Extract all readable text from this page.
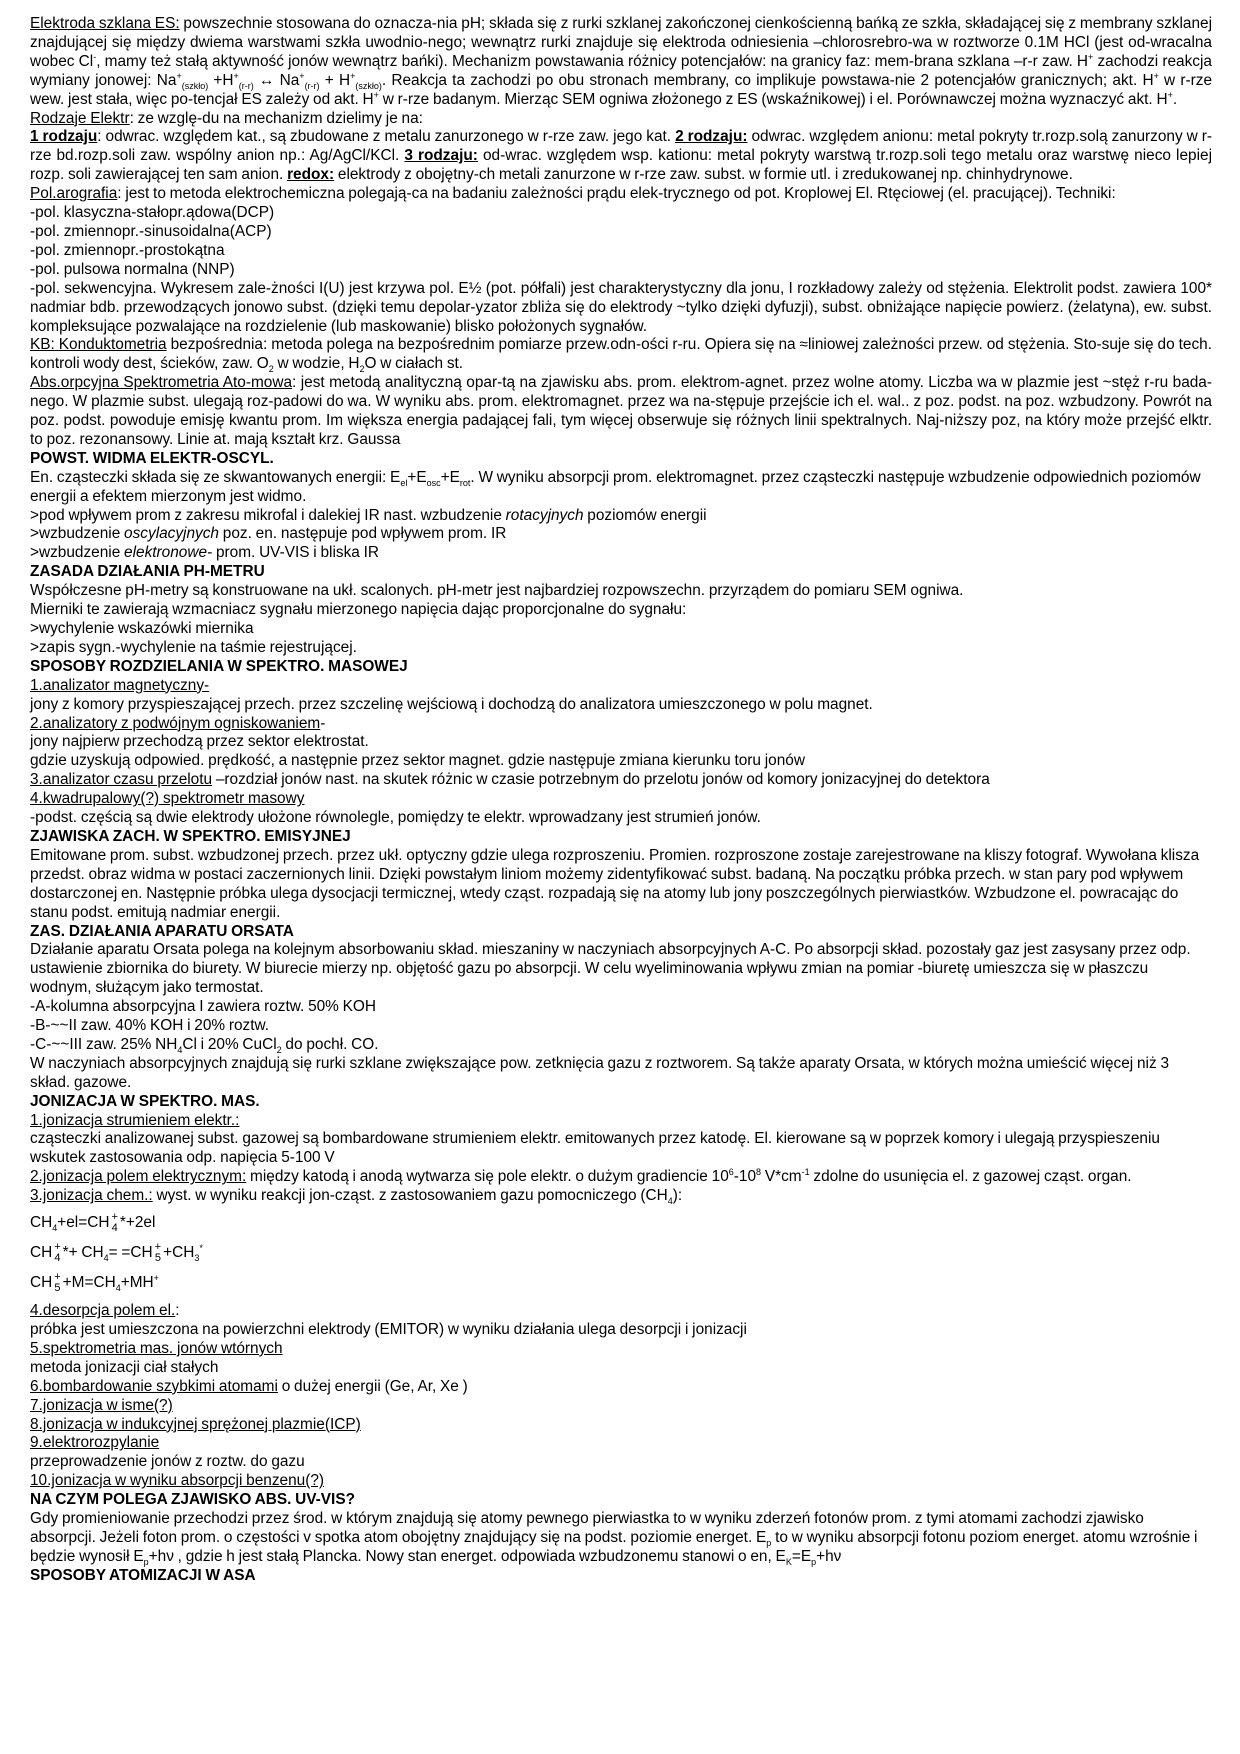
Elektroda szklana ES: powszechnie stosowana do oznacza-nia pH; składa się z rurki szklanej zakończonej cienkościenną bańką ze szkła, składającej się z membrany szklanej znajdującej się między dwiema warstwami szkła uwodnio-nego; wewnątrz rurki znajduje się elektroda odniesienia –chlorosrebro-wa w roztworze 0.1M HCl (jest od-wracalna wobec Cl-, mamy też stałą aktywność jonów wewnątrz bańki). Mechanizm powstawania różnicy potencjałów: na granicy faz: mem-brana szklana –r-r zaw. H+ zachodzi reakcja wymiany jonowej: $Na^+_{(szkło)} +H^+_{(r-r)}$ ↔ $Na^+_{(r-r)} + H^+_{(szkło)}$. Reakcja ta zachodzi po obu stronach membrany, co implikuje powstawa-nie 2 potencjałów granicznych; akt. H+ w r-rze wew. jest stała, więc po-tencjał ES zależy od akt. H+ w r-rze badanym. Mierząc SEM ogniwa złożonego z ES (wskaźnikowej) i el. Porównawczej można wyznaczyć akt. H+.

Rodzaje Elektr: ze wzglę-du na mechanizm dzielimy je na:

1 rodzaju: odwrac. względem kat., są zbudowane z metalu zanurzonego w r-rze zaw. jego kat. 2 rodzaju: odwrac. względem anionu: metal pokryty tr.rozp.solą zanurzony w r-rze bd.rozp.soli zaw. wspólny anion np.: Ag/AgCl/KCl. 3 rodzaju: od-wrac. względem wsp. kationu: metal pokryty warstwą tr.rozp.soli tego metalu oraz warstwę nieco lepiej rozp. soli zawierającej ten sam anion. redox: elektrody z obojętny-ch metali zanurzone w r-rze zaw. subst. w formie utl. i zredukowanej np. chinhydrynowe.

Pol.arografia: jest to metoda elektrochemiczna polegają-ca na badaniu zależności prądu elek-trycznego od pot. Kroplowej El. Rtęciowej (el. pracującej). Techniki:

-pol. klasyczna-stałopr.ądowa(DCP)

-pol. zmiennopr.-sinusoidalna(ACP)

-pol. zmiennopr.-prostokątna

-pol. pulsowa normalna (NNP)

-pol. sekwencyjna. Wykresem zale-żności I(U) jest krzywa pol. E½ (pot. półfali) jest charakterystyczny dla jonu, I rozkładowy zależy od stężenia. Elektrolit podst. zawiera 100* nadmiar bdb. przewodzących jonowo subst. (dzięki temu depolar-yzator zbliża się do elektrody ~tylko dzięki dyfuzji), subst. obniżające napięcie powierz. (żelatyna), ew. subst. kompleksujące pozwalające na rozdzielenie (lub maskowanie) blisko położonych sygnałów.

KB: Konduktometria bezpośrednia: metoda polega na bezpośrednim pomiarze przew.odn-ości r-ru. Opiera się na ≈liniowej zależności przew. od stężenia. Sto-suje się do tech. kontroli wody dest, ścieków, zaw. $O_2$ w wodzie, $H_2O$ w ciałach st.

Abs.orpcyjna Spektrometria Ato-mowa: jest metodą analityczną opar-tą na zjawisku abs. prom. elektrom-agnet. przez wolne atomy. Liczba wa w plazmie jest ~stęż r-ru bada-nego. W plazmie subst. ulegają roz-padowi do wa. W wyniku abs. prom. elektromagnet. przez wa na-stępuje przejście ich el. wal.. z poz. podst. na poz. wzbudzony. Powrót na poz. podst. powoduje emisję kwantu prom. Im większa energia padającej fali, tym więcej obserwuje się różnych linii spektralnych. Naj-niższy poz, na który może przejść elktr. to poz. rezonansowy. Linie at. mają kształt krz. Gaussa

POWST. WIDMA ELEKTR-OSCYL.

En. cząsteczki składa się ze skwantowanych energii: $E_{el}+E_{osc}+E_{rot}$. W wyniku absorpcji prom. elektromagnet. przez cząsteczki następuje wzbudzenie odpowiednich poziomów energii a efektem mierzonym jest widmo.

>pod wpływem prom z zakresu mikrofal i dalekiej IR nast. wzbudzenie rotacyjnych poziomów energii

>wzbudzenie oscylacyjnych poz. en. następuje pod wpływem prom. IR

>wzbudzenie elektronowe- prom. UV-VIS i bliska IR

ZASADA DZIAŁANIA PH-METRU

Współczesne pH-metry są konstruowane na ukł. scalonych. pH-metr jest najbardziej rozpowszechn. przyrządem do pomiaru SEM ogniwa.

Mierniki te zawierają wzmacniacz sygnału mierzonego napięcia dając proporcjonalne do sygnału:

>wychylenie wskazówki miernika

>zapis sygn.-wychylenie na taśmie rejestrującej.

SPOSOBY ROZDZIELANIA W SPEKTRO. MASOWEJ

1.analizator magnetyczny-

jony z komory przyspieszającej przech. przez szczelinę wejściową i dochodzą do analizatora umieszczonego w polu magnet.

2.analizatory z podwójnym ogniskowaniem-

jony najpierw przechodzą przez sektor elektrostat.

gdzie uzyskują odpowied. prędkość, a następnie przez sektor magnet. gdzie następuje zmiana kierunku toru jonów

3.analizator czasu przelotu –rozdział jonów nast. na skutek różnic w czasie potrzebnym do przelotu jonów od komory jonizacyjnej do detektora

4.kwadrupalowy(?) spektrometr masowy

-podst. częścią są dwie elektrody ułożone równolegle, pomiędzy te elektr. wprowadzany jest strumień jonów.

ZJAWISKA ZACH. W SPEKTRO. EMISYJNEJ

Emitowane prom. subst. wzbudzonej przech. przez ukł. optyczny gdzie ulega rozproszeniu. Promien. rozproszone zostaje zarejestrowane na kliszy fotograf. Wywołana klisza przedst. obraz widma w postaci zaczernionych linii. Dzięki powstałym liniom możemy zidentyfikować subst. badaną. Na początku próbka przech. w stan pary pod wpływem dostarczonej en. Następnie próbka ulega dysocjacji termicznej, wtedy cząst. rozpadają się na atomy lub jony poszczególnych pierwiastków. Wzbudzone el. powracając do stanu podst. emitują nadmiar energii.

ZAS. DZIAŁANIA APARATU ORSATA

Działanie aparatu Orsata polega na kolejnym absorbowaniu skład. mieszaniny w naczyniach absorpcyjnych A-C. Po absorpcji skład. pozostały gaz jest zasysany przez odp. ustawienie zbiornika do biurety. W biurecie mierzy np. objętość gazu po absorpcji. W celu wyeliminowania wpływu zmian na pomiar -biuretę umieszcza się w płaszczu wodnym, służącym jako termostat.

-A-kolumna absorpcyjna I zawiera roztw. 50% KOH

-B-~~II zaw. 40% KOH i 20% roztw.

-C-~~III zaw. 25% $NH_4Cl$ i 20% CuCl$_2$ do pochł. CO.

W naczyniach absorpcyjnych znajdują się rurki szklane zwiększające pow. zetknięcia gazu z roztworem. Są także aparaty Orsata, w których można umieścić więcej niż 3 skład. gazowe.

JONIZACJA W SPEKTRO. MAS.

1.jonizacja strumieniem elektr.:

cząsteczki analizowanej subst. gazowej są bombardowane strumieniem elektr. emitowanych przez katodę. El. kierowane są w poprzek komory i ulegają przyspieszeniu wskutek zastosowania odp. napięcia 5-100 V

2.jonizacja polem elektrycznym: między katodą i anodą wytwarza się pole elektr. o dużym gradiencie $10^6-10^8$ $V*cm^{-1}$ zdolne do usunięcia el. z gazowej cząst. organ.

3.jonizacja chem.: wyst. w wyniku reakcji jon-cząst. z zastosowaniem gazu pomocniczego $(CH_4)$:

$CH_4+el=CH$ +
4 *+2el

CH +
$4 *+ CH_4= =CH$ +
$5 +CH_3^*$

CH +
$5 +M=CH_4+MH^+$

4.desorpcja polem el.:

próbka jest umieszczona na powierzchni elektrody (EMITOR) w wyniku działania ulega desorpcji i jonizacji

5.spektrometria mas. jonów wtórnych

metoda jonizacji ciał stałych

6.bombardowanie szybkimi atomami o dużej energii (Ge, Ar, Xe )

7.jonizacja w isme(?)

8.jonizacja w indukcyjnej sprężonej plazmie(ICP)

9.elektrorozpylanie

przeprowadzenie jonów z roztw. do gazu

10.jonizacja w wyniku absorpcji benzenu(?)

NA CZYM POLEGA ZJAWISKO ABS. UV-VIS?

Gdy promieniowanie przechodzi przez środ. w którym znajdują się atomy pewnego pierwiastka to w wyniku zderzeń fotonów prom. z tymi atomami zachodzi zjawisko absorpcji. Jeżeli foton prom. o częstości v spotka atom obojętny znajdujący się na podst. poziomie energet. $E_p$ to w wyniku absorpcji fotonu poziom energet. atomu wzrośnie i będzie wynosił $E_p+h\nu$ , gdzie h jest stałą Plancka. Nowy stan energet. odpowiada wzbudzonemu stanowi o en, $E_K=E_p+h\nu$

SPOSOBY ATOMIZACJI W ASA
